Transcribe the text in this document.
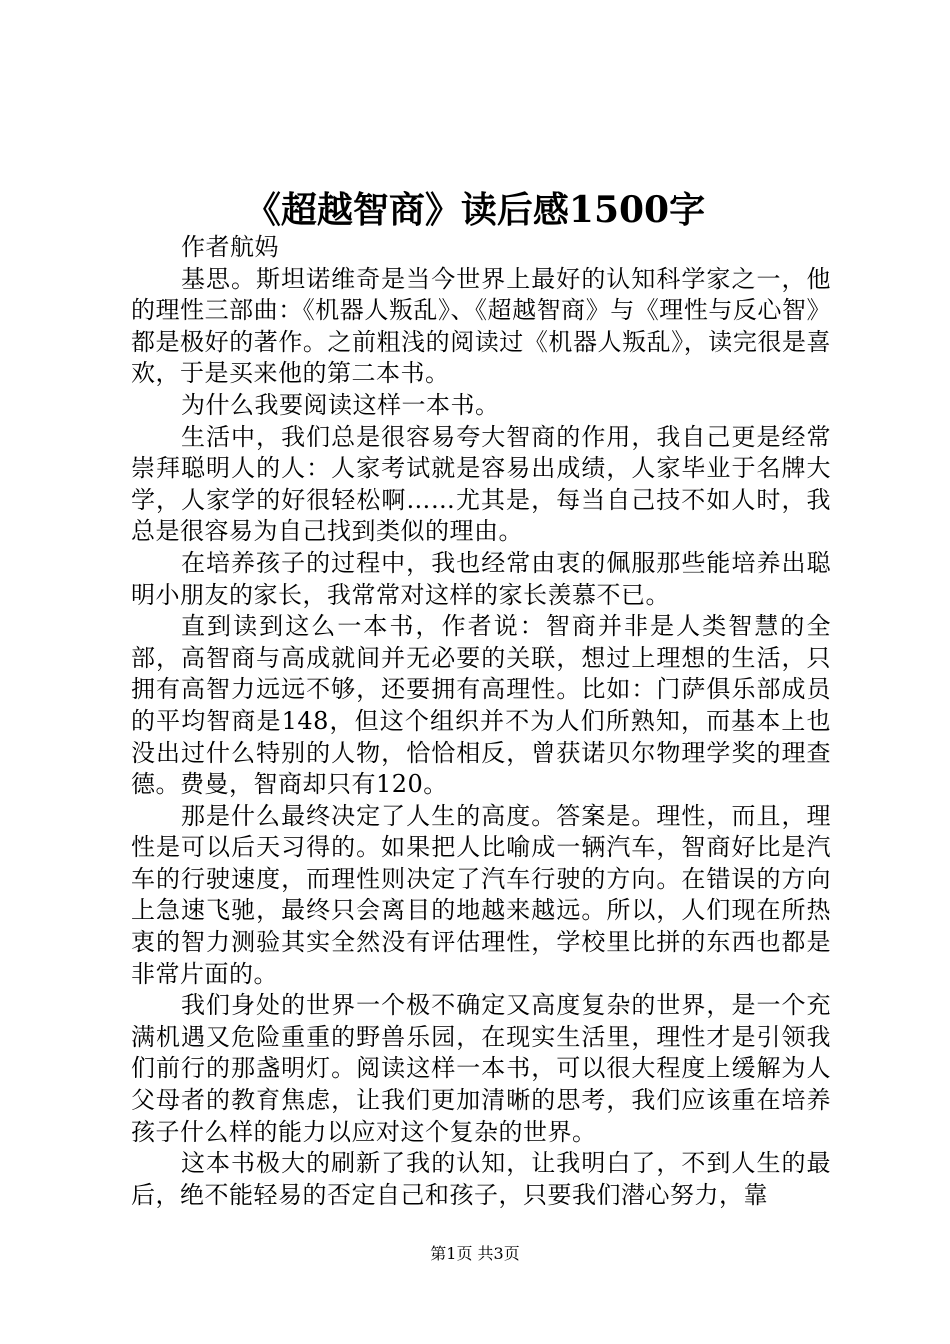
《超越智商》读后感1500字

作者航妈

基思。斯坦诺维奇是当今世界上最好的认知科学家之一，他的理性三部曲：《机器人叛乱》、《超越智商》与《理性与反心智》都是极好的著作。之前粗浅的阅读过《机器人叛乱》，读完很是喜欢，于是买来他的第二本书。

为什么我要阅读这样一本书。

生活中，我们总是很容易夸大智商的作用，我自己更是经常崇拜聪明人的人：人家考试就是容易出成绩，人家毕业于名牌大学，人家学的好很轻松啊……尤其是，每当自己技不如人时，我总是很容易为自己找到类似的理由。

在培养孩子的过程中，我也经常由衷的佩服那些能培养出聪明小朋友的家长，我常常对这样的家长羡慕不已。

直到读到这么一本书，作者说：智商并非是人类智慧的全部，高智商与高成就间并无必要的关联，想过上理想的生活，只拥有高智力远远不够，还要拥有高理性。比如：门萨俱乐部成员的平均智商是148，但这个组织并不为人们所熟知，而基本上也没出过什么特别的人物，恰恰相反，曾获诺贝尔物理学奖的理查德。费曼，智商却只有120。

那是什么最终决定了人生的高度。答案是。理性，而且，理性是可以后天习得的。如果把人比喻成一辆汽车，智商好比是汽车的行驶速度，而理性则决定了汽车行驶的方向。在错误的方向上急速飞驰，最终只会离目的地越来越远。所以，人们现在所热衷的智力测验其实全然没有评估理性，学校里比拼的东西也都是非常片面的。

我们身处的世界一个极不确定又高度复杂的世界，是一个充满机遇又危险重重的野兽乐园，在现实生活里，理性才是引领我们前行的那盏明灯。阅读这样一本书，可以很大程度上缓解为人父母者的教育焦虑，让我们更加清晰的思考，我们应该重在培养孩子什么样的能力以应对这个复杂的世界。

这本书极大的刷新了我的认知，让我明白了，不到人生的最后，绝不能轻易的否定自己和孩子，只要我们潜心努力，靠

第1页 共3页
